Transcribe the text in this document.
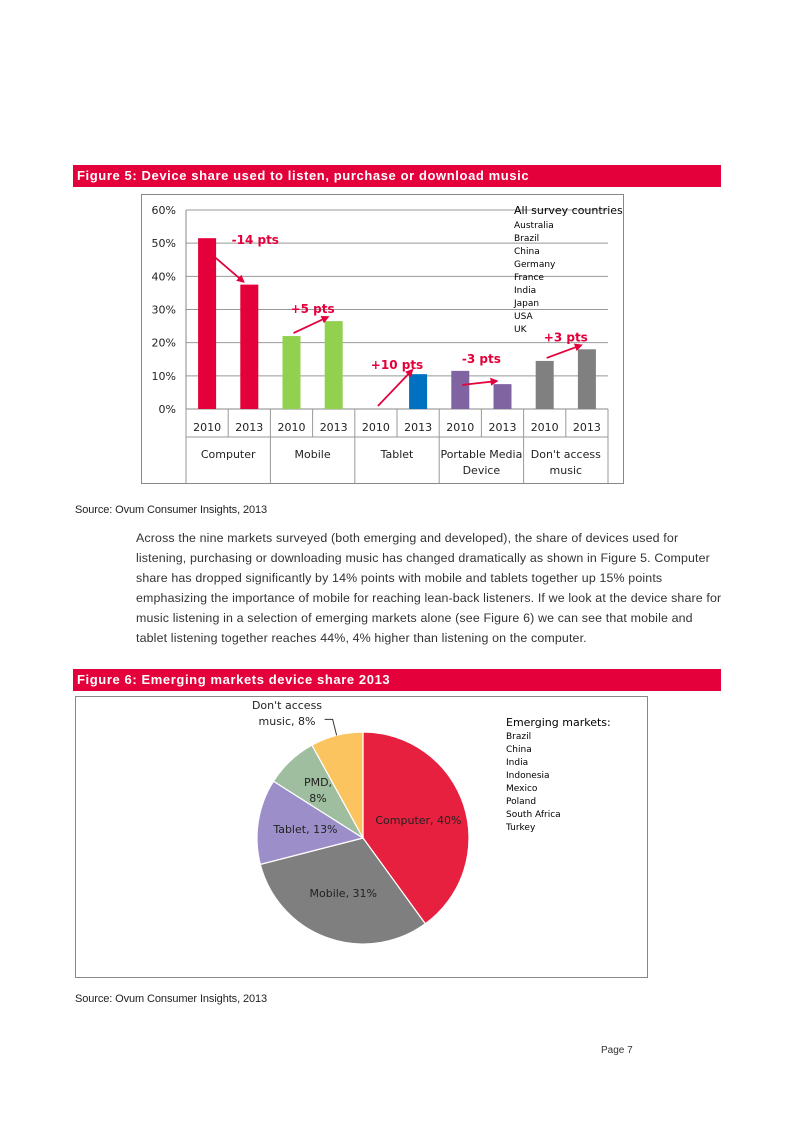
Figure 5: Device share used to listen, purchase or download music
0%
10%
20%
30%
40%
50%
60%
2010 2013
Computer
2010 2013
Mobile
2010 2013
Tablet
2010 2013
Portable Media
Device
2010 2013
Don't access
music
-14 pts
+5 pts
+10 pts	-3 pts
+3 pts
All survey countries
Australia
Brazil
China
Germany
France
India
Japan
USA
UK
Source: Ovum Consumer Insights, 2013

Across the nine markets surveyed (both emerging and developed), the share of devices used for listening, purchasing or downloading music has changed dramatically as shown in Figure 5. Computer share has dropped significantly by 14% points with mobile and tablets together up 15% points emphasizing the importance of mobile for reaching lean-back listeners. If we look at the device share for music listening in a selection of emerging markets alone (see Figure 6) we can see that mobile and tablet listening together reaches 44%, 4% higher than listening on the computer.

Figure 6: Emerging markets device share 2013
Computer, 40%
Mobile, 31%
Tablet, 13%
PMD,
8%
Don't access
music, 8%	Emerging markets:
Brazil
China
India
Indonesia
Mexico
Poland
South Africa
Turkey
Source: Ovum Consumer Insights, 2013
Page 7
